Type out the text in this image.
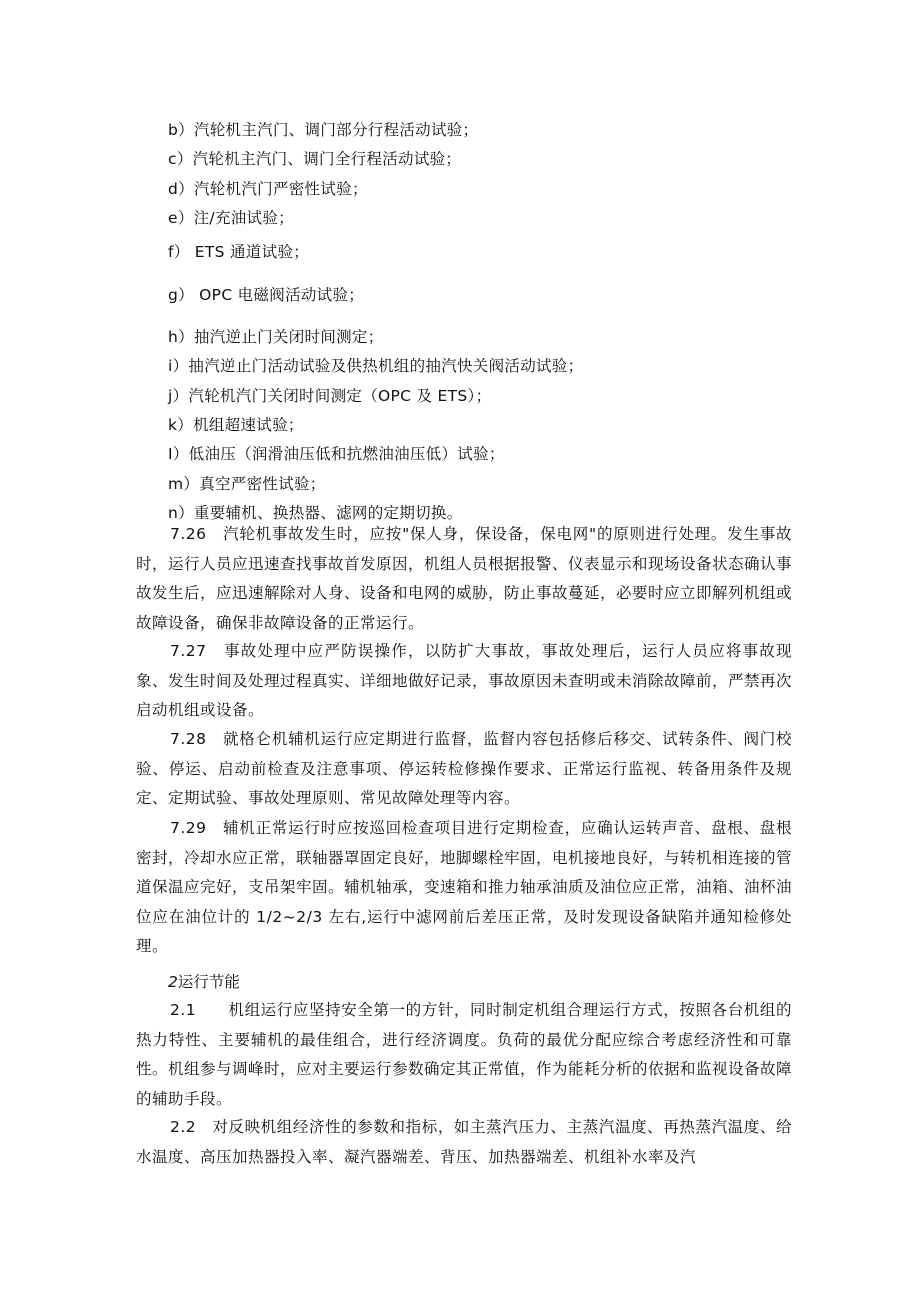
b）汽轮机主汽门、调门部分行程活动试验；
c）汽轮机主汽门、调门全行程活动试验；
d）汽轮机汽门严密性试验；
e）注/充油试验；
f） ETS 通道试验；
g） OPC 电磁阀活动试验；
h）抽汽逆止门关闭时间测定；
i）抽汽逆止门活动试验及供热机组的抽汽快关阀活动试验；
j）汽轮机汽门关闭时间测定（OPC 及 ETS）；
k）机组超速试验；
I）低油压（润滑油压低和抗燃油油压低）试验；
m）真空严密性试验；
n）重要辅机、换热器、滤网的定期切换。

7.26　汽轮机事故发生时，应按"保人身，保设备，保电网"的原则进行处理。发生事故时，运行人员应迅速查找事故首发原因，机组人员根据报警、仪表显示和现场设备状态确认事故发生后，应迅速解除对人身、设备和电网的威胁，防止事故蔓延，必要时应立即解列机组或故障设备，确保非故障设备的正常运行。

7.27　事故处理中应严防误操作，以防扩大事故，事故处理后，运行人员应将事故现象、发生时间及处理过程真实、详细地做好记录，事故原因未查明或未消除故障前，严禁再次启动机组或设备。

7.28　就格仑机辅机运行应定期进行监督，监督内容包括修后移交、试转条件、阀门校验、停运、启动前检查及注意事项、停运转检修操作要求、正常运行监视、转备用条件及规定、定期试验、事故处理原则、常见故障处理等内容。

7.29　辅机正常运行时应按巡回检查项目进行定期检查，应确认运转声音、盘根、盘根密封，冷却水应正常，联轴器罩固定良好，地脚螺栓牢固，电机接地良好，与转机相连接的管道保温应完好，支吊架牢固。辅机轴承，变速箱和推力轴承油质及油位应正常，油箱、油杯油位应在油位计的 1/2~2/3 左右,运行中滤网前后差压正常，及时发现设备缺陷并通知检修处理。

2运行节能

2.1　　机组运行应坚持安全第一的方针，同时制定机组合理运行方式，按照各台机组的热力特性、主要辅机的最佳组合，进行经济调度。负荷的最优分配应综合考虑经济性和可靠性。机组参与调峰时，应对主要运行参数确定其正常值，作为能耗分析的依据和监视设备故障的辅助手段。

2.2　对反映机组经济性的参数和指标，如主蒸汽压力、主蒸汽温度、再热蒸汽温度、给水温度、高压加热器投入率、凝汽器端差、背压、加热器端差、机组补水率及汽
